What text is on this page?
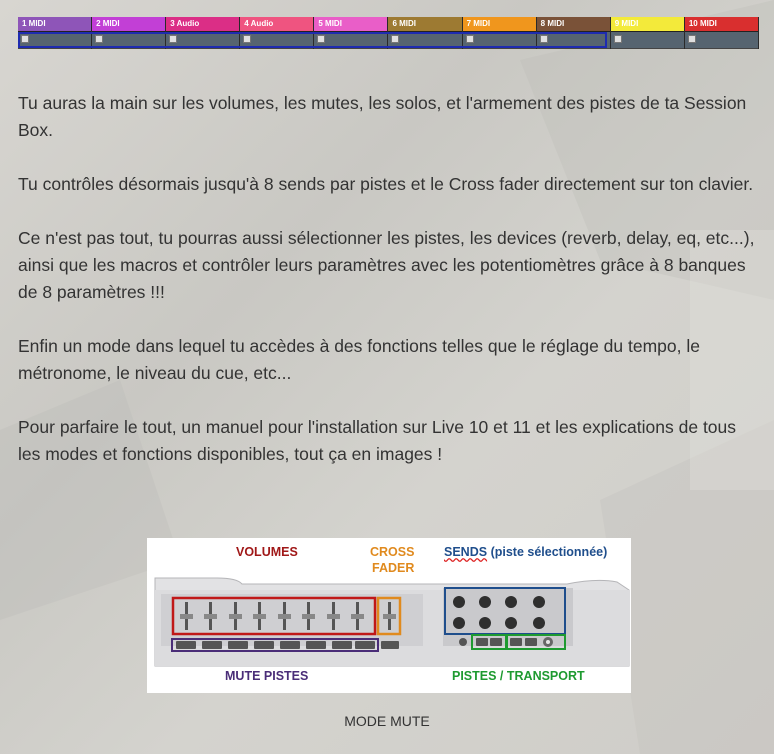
1 MIDI	2 MIDI	3 Audio	4 Audio	5 MIDI	6 MIDI	7 MIDI	8 MIDI	9 MIDI	10 MIDI

Tu auras la main sur les volumes, les mutes, les solos, et l'armement des pistes de ta Session Box.

Tu contrôles désormais jusqu'à 8 sends par pistes et le Cross fader directement sur ton clavier.

Ce n'est pas tout, tu pourras aussi sélectionner les pistes, les devices (reverb, delay, eq, etc...), ainsi que les macros et contrôler leurs paramètres avec les potentiomètres grâce à 8 banques de 8 paramètres !!!

Enfin un mode dans lequel tu accèdes à des fonctions telles que le réglage du tempo, le métronome, le niveau du cue, etc...

Pour parfaire le tout, un manuel pour l'installation sur Live 10 et 11 et les explications de tous les modes et fonctions disponibles, tout ça en images !

VOLUMES	CROSS
FADER
SENDS (piste sélectionnée)
MUTE PISTES	PISTES / TRANSPORT
MODE MUTE
